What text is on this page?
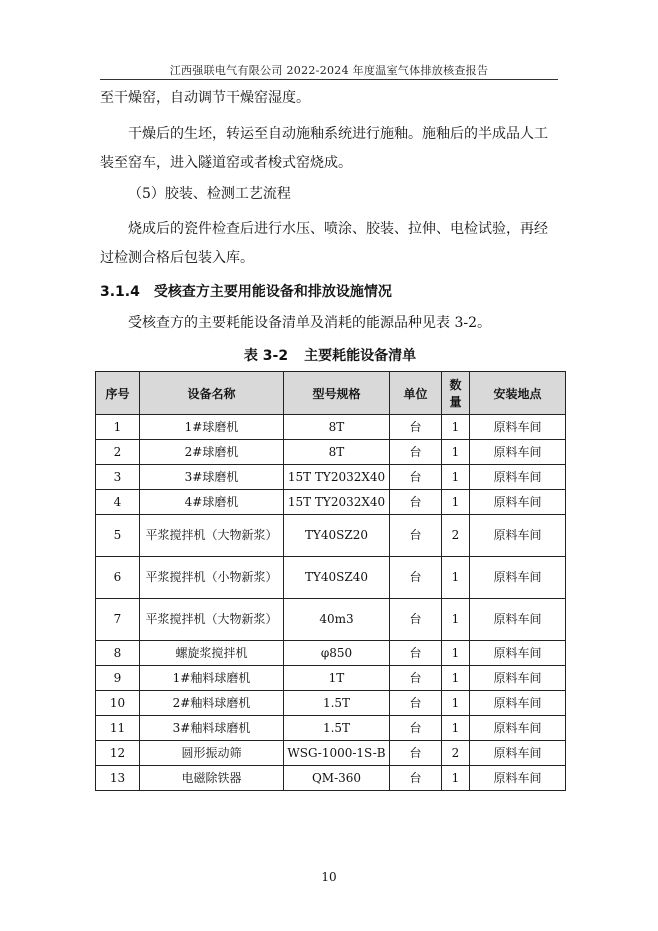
江西强联电气有限公司 2022-2024 年度温室气体排放核查报告
至干燥窑，自动调节干燥窑湿度。
干燥后的生坯，转运至自动施釉系统进行施釉。施釉后的半成品人工装至窑车，进入隧道窑或者梭式窑烧成。
（5）胶装、检测工艺流程
烧成后的瓷件检查后进行水压、喷涂、胶装、拉伸、电检试验，再经过检测合格后包装入库。
3.1.4 受核查方主要用能设备和排放设施情况
受核查方的主要耗能设备清单及消耗的能源品种见表 3-2。
表 3-2 主要耗能设备清单
序号	设备名称	型号规格	单位	数量	安装地点
1	1#球磨机	8T	台	1	原料车间
2	2#球磨机	8T	台	1	原料车间
3	3#球磨机	15T TY2032X40	台	1	原料车间
4	4#球磨机	15T TY2032X40	台	1	原料车间
5	平浆搅拌机（大物新浆）	TY40SZ20	台	2	原料车间
6	平浆搅拌机（小物新浆）	TY40SZ40	台	1	原料车间
7	平浆搅拌机（大物新浆）	40m3	台	1	原料车间
8	螺旋浆搅拌机	φ850	台	1	原料车间
9	1#釉料球磨机	1T	台	1	原料车间
10	2#釉料球磨机	1.5T	台	1	原料车间
11	3#釉料球磨机	1.5T	台	1	原料车间
12	圆形振动筛	WSG-1000-1S-B	台	2	原料车间
13	电磁除铁器	QM-360	台	1	原料车间
10
